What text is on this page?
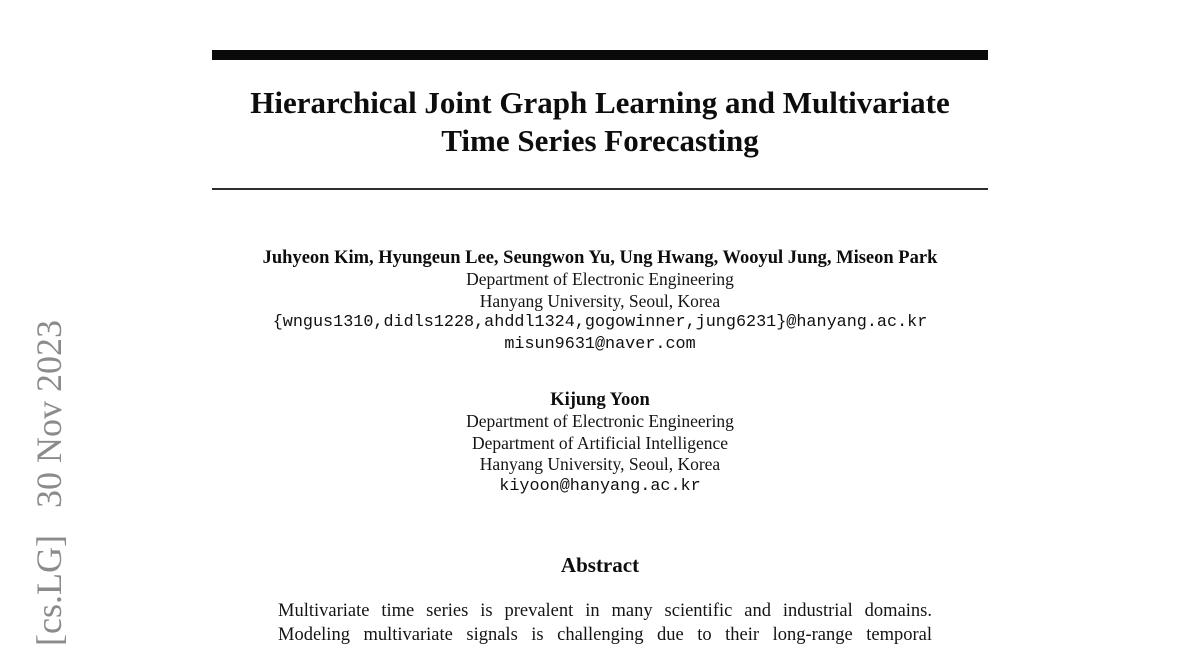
[cs.LG]   30 Nov 2023
Hierarchical Joint Graph Learning and Multivariate
Time Series Forecasting
Juhyeon Kim, Hyungeun Lee, Seungwon Yu, Ung Hwang, Wooyul Jung, Miseon Park
Department of Electronic Engineering
Hanyang University, Seoul, Korea
{wngus1310,didls1228,ahddl1324,gogowinner,jung6231}@hanyang.ac.kr
misun9631@naver.com
Kijung Yoon
Department of Electronic Engineering
Department of Artificial Intelligence
Hanyang University, Seoul, Korea
kiyoon@hanyang.ac.kr
Abstract
Multivariate time series is prevalent in many scientific and industrial domains.
Modeling multivariate signals is challenging due to their long-range temporal
